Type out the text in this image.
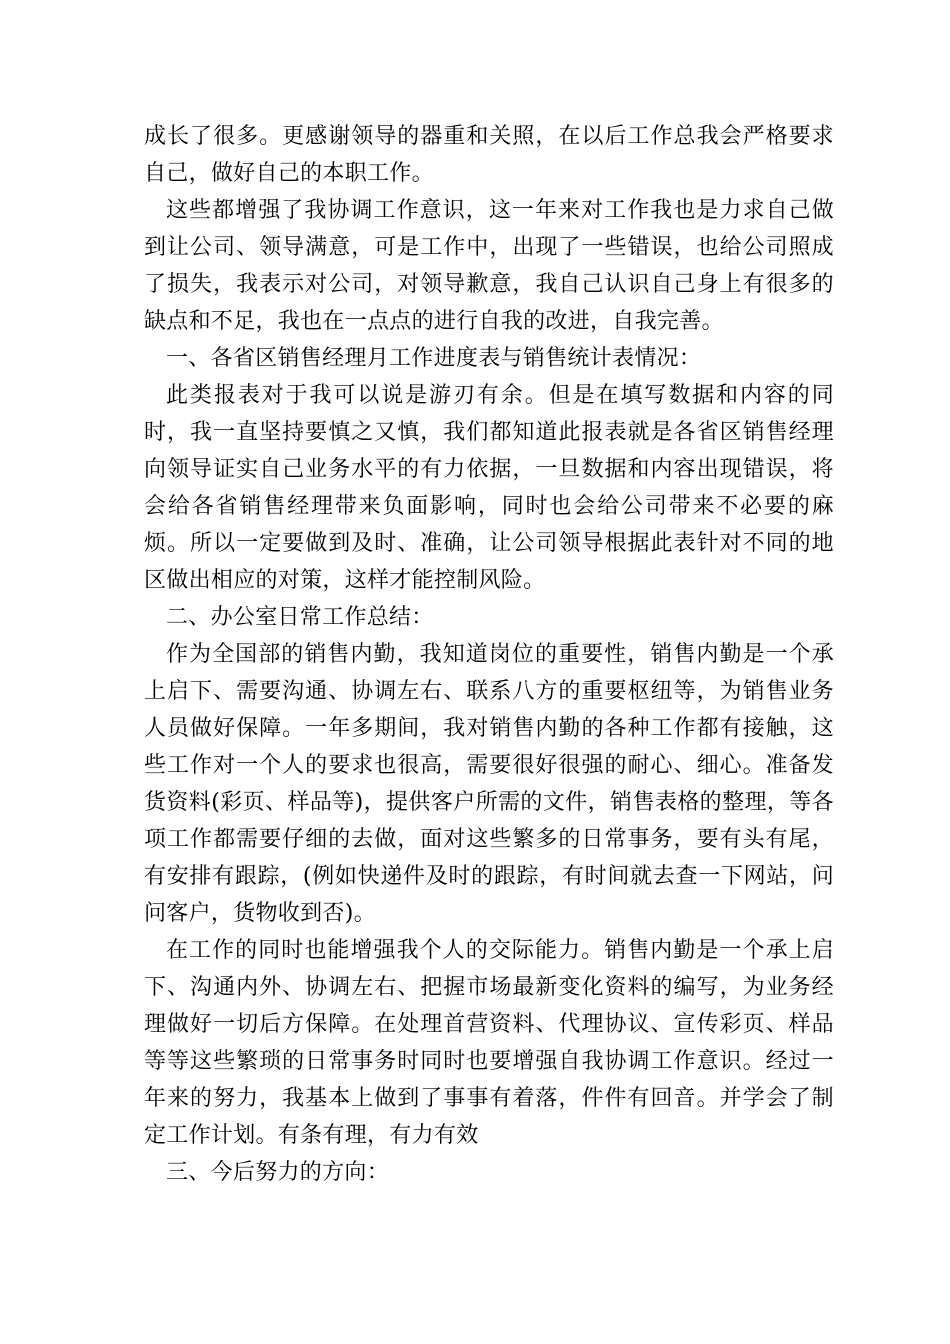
成长了很多。更感谢领导的器重和关照，在以后工作总我会严格要求自己，做好自己的本职工作。

这些都增强了我协调工作意识，这一年来对工作我也是力求自己做到让公司、领导满意，可是工作中，出现了一些错误，也给公司照成了损失，我表示对公司，对领导歉意，我自己认识自己身上有很多的缺点和不足，我也在一点点的进行自我的改进，自我完善。

一、各省区销售经理月工作进度表与销售统计表情况：

此类报表对于我可以说是游刃有余。但是在填写数据和内容的同时，我一直坚持要慎之又慎，我们都知道此报表就是各省区销售经理向领导证实自己业务水平的有力依据，一旦数据和内容出现错误，将会给各省销售经理带来负面影响，同时也会给公司带来不必要的麻烦。所以一定要做到及时、准确，让公司领导根据此表针对不同的地区做出相应的对策，这样才能控制风险。

二、办公室日常工作总结：

作为全国部的销售内勤，我知道岗位的重要性，销售内勤是一个承上启下、需要沟通、协调左右、联系八方的重要枢纽等，为销售业务人员做好保障。一年多期间，我对销售内勤的各种工作都有接触，这些工作对一个人的要求也很高，需要很好很强的耐心、细心。准备发货资料(彩页、样品等)，提供客户所需的文件，销售表格的整理，等各项工作都需要仔细的去做，面对这些繁多的日常事务，要有头有尾，有安排有跟踪，(例如快递件及时的跟踪，有时间就去查一下网站，问问客户，货物收到否)。

在工作的同时也能增强我个人的交际能力。销售内勤是一个承上启下、沟通内外、协调左右、把握市场最新变化资料的编写，为业务经理做好一切后方保障。在处理首营资料、代理协议、宣传彩页、样品等等这些繁琐的日常事务时同时也要增强自我协调工作意识。经过一年来的努力，我基本上做到了事事有着落，件件有回音。并学会了制定工作计划。有条有理，有力有效

三、今后努力的方向：
